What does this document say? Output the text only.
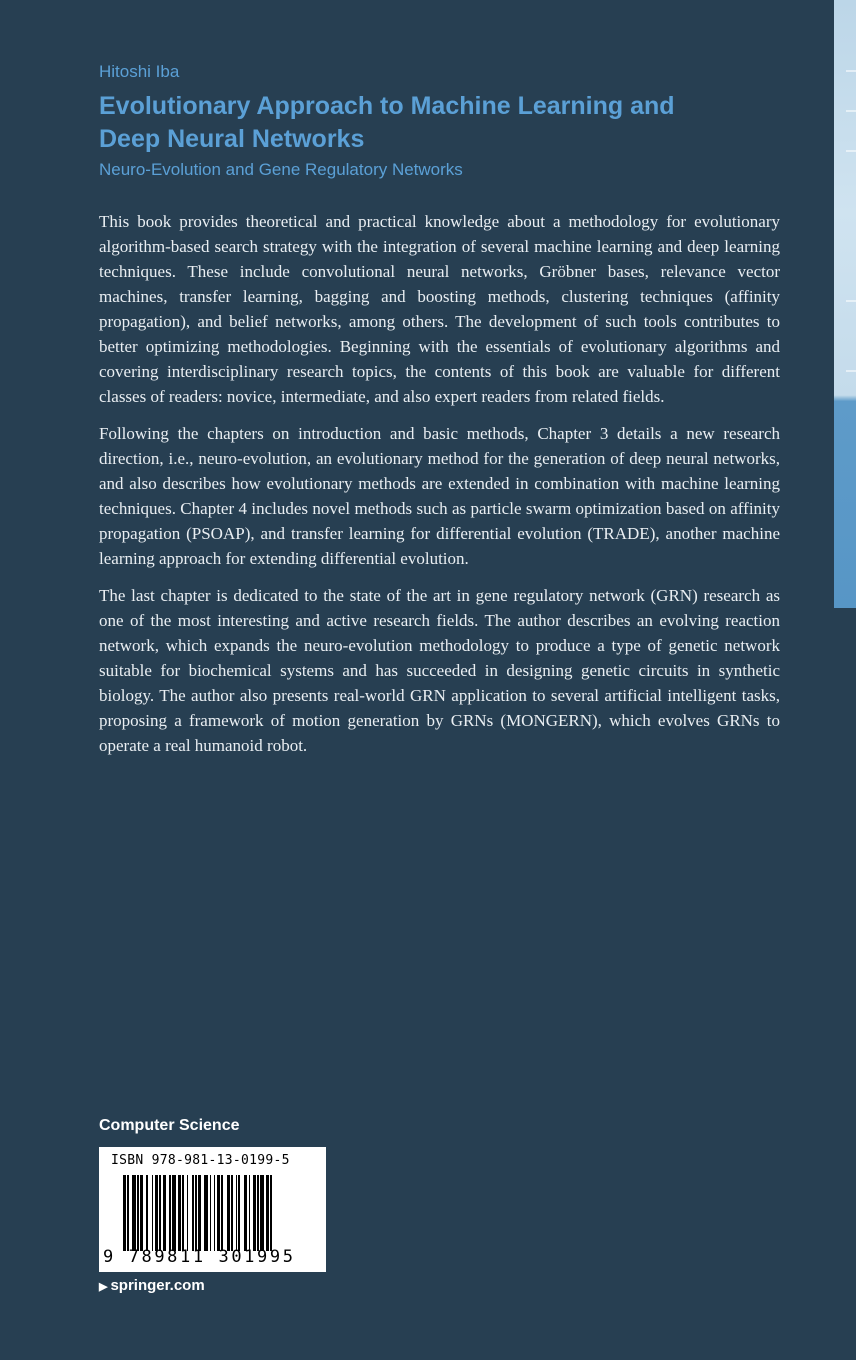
Hitoshi Iba
Evolutionary Approach to Machine Learning and Deep Neural Networks
Neuro-Evolution and Gene Regulatory Networks

This book provides theoretical and practical knowledge about a methodology for evolutionary algorithm-based search strategy with the integration of several machine learning and deep learning techniques. These include convolutional neural networks, Gröbner bases, relevance vector machines, transfer learning, bagging and boosting methods, clustering techniques (affinity propagation), and belief networks, among others. The development of such tools contributes to better optimizing methodologies. Beginning with the essentials of evolutionary algorithms and covering interdisciplinary research topics, the contents of this book are valuable for different classes of readers: novice, intermediate, and also expert readers from related fields.

Following the chapters on introduction and basic methods, Chapter 3 details a new research direction, i.e., neuro-evolution, an evolutionary method for the generation of deep neural networks, and also describes how evolutionary methods are extended in combination with machine learning techniques. Chapter 4 includes novel methods such as particle swarm optimization based on affinity propagation (PSOAP), and transfer learning for differential evolution (TRADE), another machine learning approach for extending differential evolution.

The last chapter is dedicated to the state of the art in gene regulatory network (GRN) research as one of the most interesting and active research fields. The author describes an evolving reaction network, which expands the neuro-evolution methodology to produce a type of genetic network suitable for biochemical systems and has succeeded in designing genetic circuits in synthetic biology. The author also presents real-world GRN application to several artificial intelligent tasks, proposing a framework of motion generation by GRNs (MONGERN), which evolves GRNs to operate a real humanoid robot.

Computer Science
ISBN 978-981-13-0199-5
9 789811 301995
▶ springer.com
